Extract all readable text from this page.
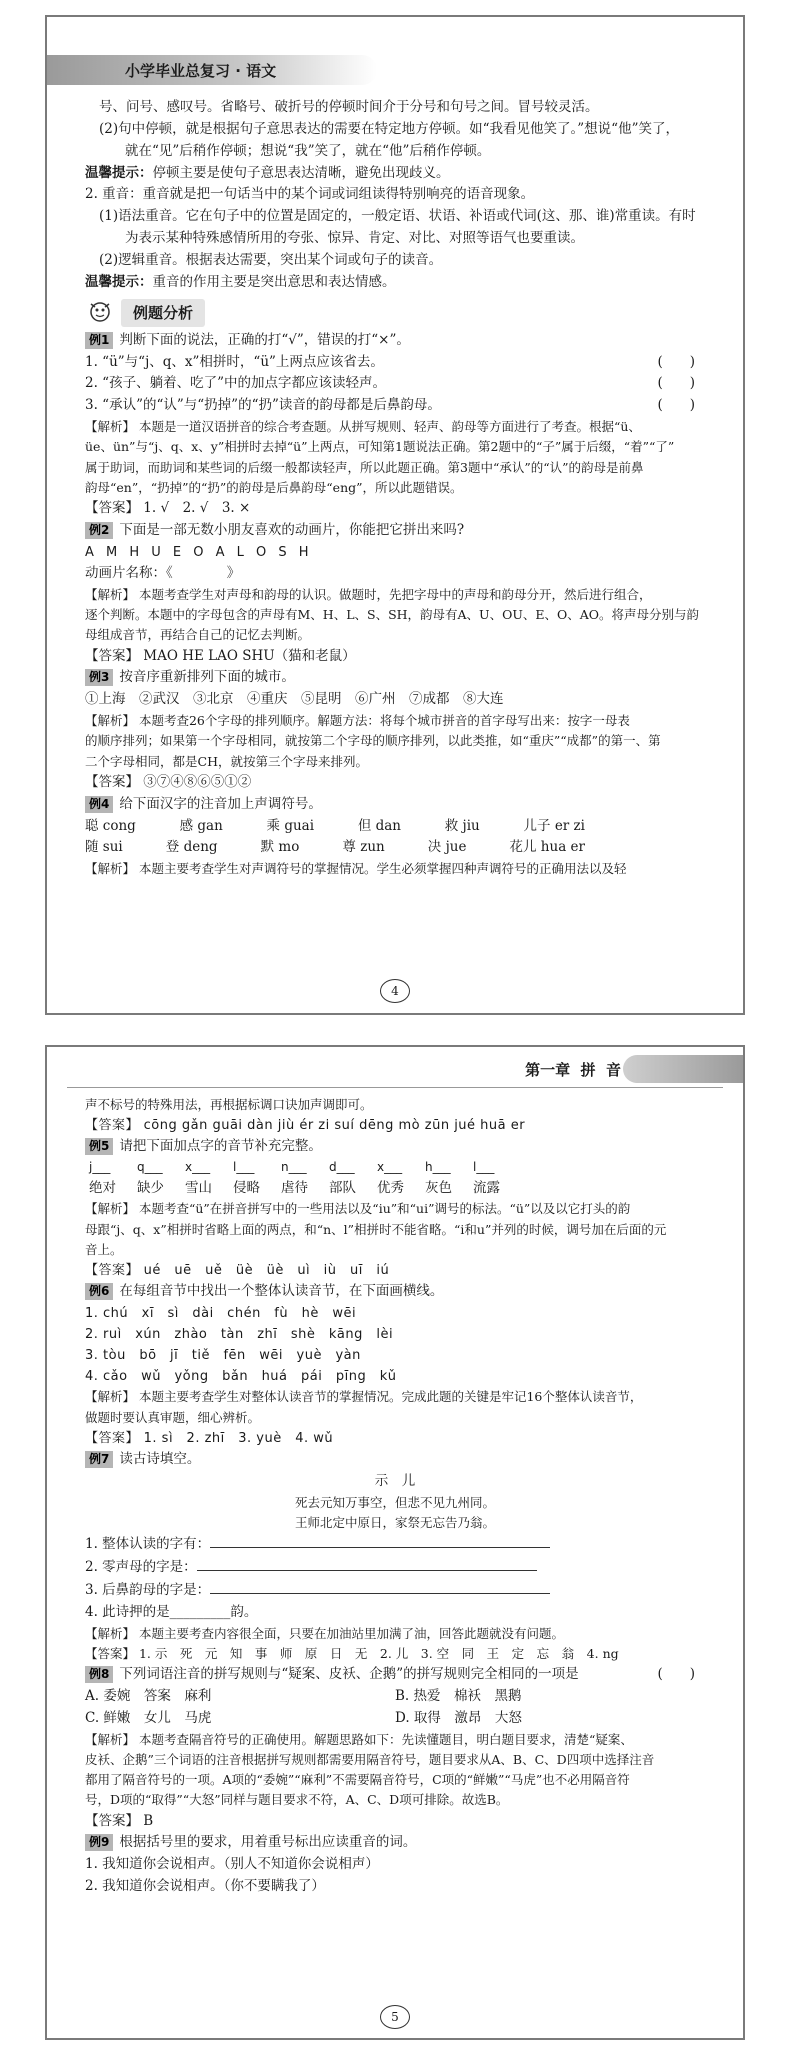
小学毕业总复习 · 语文

号、问号、感叹号。省略号、破折号的停顿时间介于分号和句号之间。冒号较灵活。

(2)句中停顿，就是根据句子意思表达的需要在特定地方停顿。如“我看见他笑了。”想说“他”笑了，

就在“见”后稍作停顿；想说“我”笑了，就在“他”后稍作停顿。

温馨提示：停顿主要是使句子意思表达清晰，避免出现歧义。

2. 重音：重音就是把一句话当中的某个词或词组读得特别响亮的语音现象。

(1)语法重音。它在句子中的位置是固定的，一般定语、状语、补语或代词(这、那、谁)常重读。有时

为表示某种特殊感情所用的夸张、惊异、肯定、对比、对照等语气也要重读。

(2)逻辑重音。根据表达需要，突出某个词或句子的读音。

温馨提示：重音的作用主要是突出意思和表达情感。

例题分析

例1 判断下面的说法，正确的打“√”，错误的打“×”。

1. “ü”与“j、q、x”相拼时，“ü”上两点应该省去。	(　　)
2. “孩子、躺着、吃了”中的加点字都应该读轻声。	(　　)
3. “承认”的“认”与“扔掉”的“扔”读音的韵母都是后鼻韵母。	(　　)

【解析】 本题是一道汉语拼音的综合考查题。从拼写规则、轻声、韵母等方面进行了考查。根据“ü、

üe、ün”与“j、q、x、y”相拼时去掉“ü”上两点，可知第1题说法正确。第2题中的“子”属于后缀，“着”“了”

属于助词，而助词和某些词的后缀一般都读轻声，所以此题正确。第3题中“承认”的“认”的韵母是前鼻

韵母“en”，“扔掉”的“扔”的韵母是后鼻韵母“eng”，所以此题错误。

【答案】 1. √　2. √　3. ×

例2 下面是一部无数小朋友喜欢的动画片，你能把它拼出来吗?

A M H U E O A L O S H

动画片名称：《　　　　》

【解析】 本题考查学生对声母和韵母的认识。做题时，先把字母中的声母和韵母分开，然后进行组合，

逐个判断。本题中的字母包含的声母有M、H、L、S、SH，韵母有A、U、OU、E、O、AO。将声母分别与韵

母组成音节，再结合自己的记忆去判断。

【答案】 MAO HE LAO SHU（猫和老鼠）

例3 按音序重新排列下面的城市。

①上海　②武汉　③北京　④重庆　⑤昆明　⑥广州　⑦成都　⑧大连

【解析】 本题考查26个字母的排列顺序。解题方法：将每个城市拼音的首字母写出来：按字一母表

的顺序排列；如果第一个字母相同，就按第二个字母的顺序排列，以此类推，如“重庆”“成都”的第一、第

二个字母相同，都是CH，就按第三个字母来排列。

【答案】 ③⑦④⑧⑥⑤①②

例4 给下面汉字的注音加上声调符号。

聪 cong	感 gan	乘 guai	但 dan	救 jiu	儿子 er zi
随 sui	登 deng	默 mo	尊 zun	决 jue	花儿 hua er

【解析】 本题主要考查学生对声调符号的掌握情况。学生必须掌握四种声调符号的正确用法以及轻

4
第一章  拼  音

声不标号的特殊用法，再根据标调口诀加声调即可。

【答案】 cōng gǎn guāi dàn jiù ér zi suí dēng mò zūn jué huā er

例5 请把下面加点字的音节补充完整。

j___	q___	x___	l___	n___	d___	x___	h___	l___
绝对	缺少	雪山	侵略	虐待	部队	优秀	灰色	流露

【解析】 本题考查“ü”在拼音拼写中的一些用法以及“iu”和“ui”调号的标法。“ü”以及以它打头的韵

母跟“j、q、x”相拼时省略上面的两点，和“n、l”相拼时不能省略。“i和u”并列的时候，调号加在后面的元

音上。

【答案】 ué　uē　uě　üè　üè　uì　iù　uī　iú

例6 在每组音节中找出一个整体认读音节，在下面画横线。

1. chú　xī　sì　dài　chén　fù　hè　wēi

2. ruì　xún　zhào　tàn　zhī　shè　kāng　lèi

3. tòu　bō　jī　tiě　fēn　wēi　yuè　yàn

4. cǎo　wǔ　yǒng　bǎn　huá　pái　pīng　kǔ

【解析】 本题主要考查学生对整体认读音节的掌握情况。完成此题的关键是牢记16个整体认读音节，

做题时要认真审题，细心辨析。

【答案】 1. sì　2. zhī　3. yuè　4. wǔ

例7 读古诗填空。

示　儿

死去元知万事空，但悲不见九州同。

王师北定中原日，家祭无忘告乃翁。

1. 整体认读的字有：

2. 零声母的字是：

3. 后鼻韵母的字是：

4. 此诗押的是_________韵。

【解析】 本题主要考查内容很全面，只要在加油站里加满了油，回答此题就没有问题。

【答案】 1. 示　死　元　知　事　师　原　日　无　2. 儿　3. 空　同　王　定　忘　翁　4. ng

例8 下列词语注音的拼写规则与“疑案、皮袄、企鹅”的拼写规则完全相同的一项是	(　　)
A. 委婉　答案　麻利	B. 热爱　棉袄　黑鹅
C. 鲜嫩　女儿　马虎	D. 取得　激昂　大怒

【解析】 本题考查隔音符号的正确使用。解题思路如下：先读懂题目，明白题目要求，清楚“疑案、

皮袄、企鹅”三个词语的注音根据拼写规则都需要用隔音符号，题目要求从A、B、C、D四项中选择注音

都用了隔音符号的一项。A项的“委婉”“麻利”不需要隔音符号，C项的“鲜嫩”“马虎”也不必用隔音符

号，D项的“取得”“大怒”同样与题目要求不符，A、C、D项可排除。故选B。

【答案】 B

例9 根据括号里的要求，用着重号标出应读重音的词。

1. 我知道你会说相声。（别人不知道你会说相声）

2. 我知道你会说相声。（你不要瞒我了）

5
